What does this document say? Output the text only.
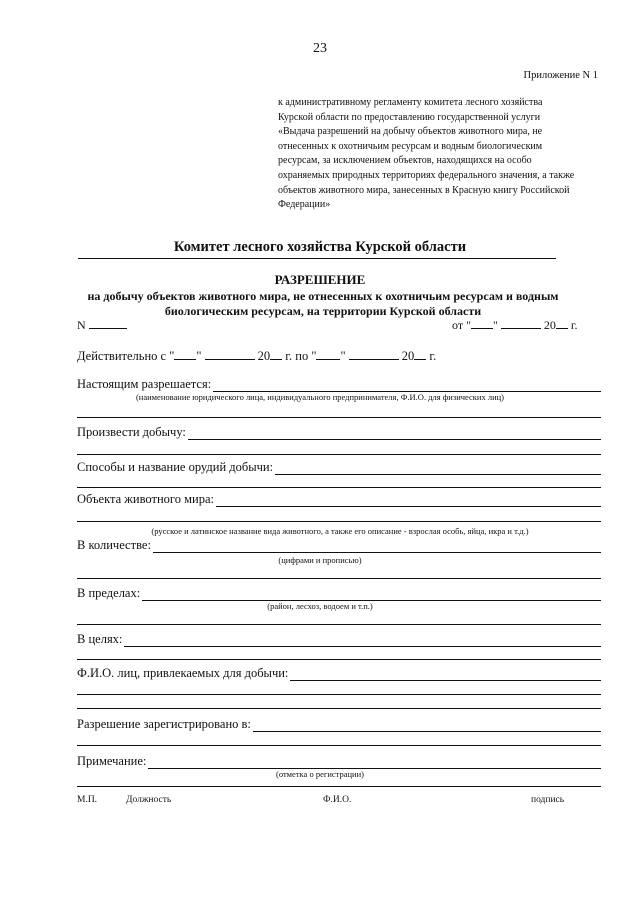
23
Приложение N 1
к административному регламенту комитета лесного хозяйства
Курской области по предоставлению государственной услуги
«Выдача разрешений на добычу объектов животного мира, не
отнесенных к охотничьим ресурсам и водным биологическим
ресурсам, за исключением объектов, находящихся на особо
охраняемых природных территориях федерального значения, а также
объектов животного мира, занесенных в Красную книгу Российской
Федерации»
Комитет лесного хозяйства Курской области
РАЗРЕШЕНИЕ
на добычу объектов животного мира, не отнесенных к охотничьим ресурсам и водным
биологическим ресурсам, на территории Курской области
N	от " "	20 г.
Действительно с " "	20 г. по " "	20 г.
Настоящим разрешается:
(наименование юридического лица, индивидуального предпринимателя, Ф.И.О. для физических лиц)
Произвести добычу:
Способы и название орудий добычи:
Объекта животного мира:
(русское и латинское название вида животного, а также его описание - взрослая особь, яйца, икра и т.д.)
В количестве:
(цифрами и прописью)
В пределах:
(район, лесхоз, водоем и т.п.)
В целях:
Ф.И.О. лиц, привлекаемых для добычи:
Разрешение зарегистрировано в:
Примечание:
(отметка о регистрации)
М.П.	Должность	Ф.И.О.	подпись
